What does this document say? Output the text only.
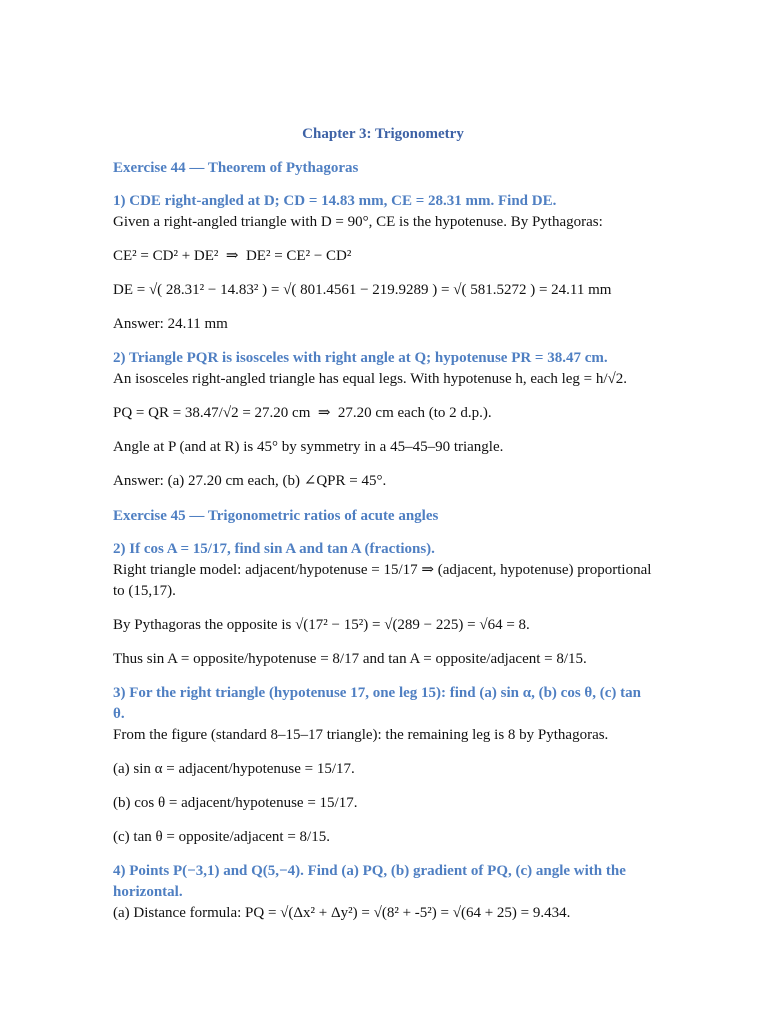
Chapter 3: Trigonometry

Exercise 44 — Theorem of Pythagoras

1) CDE right-angled at D; CD = 14.83 mm, CE = 28.31 mm. Find DE.

Given a right-angled triangle with D = 90°, CE is the hypotenuse. By Pythagoras:

CE² = CD² + DE²  ⇒  DE² = CE² − CD²

DE = √( 28.31² − 14.83² ) = √( 801.4561 − 219.9289 ) = √( 581.5272 ) = 24.11 mm

Answer: 24.11 mm

2) Triangle PQR is isosceles with right angle at Q; hypotenuse PR = 38.47 cm.

An isosceles right-angled triangle has equal legs. With hypotenuse h, each leg = h/√2.

PQ = QR = 38.47/√2 = 27.20 cm  ⇒  27.20 cm each (to 2 d.p.).

Angle at P (and at R) is 45° by symmetry in a 45–45–90 triangle.

Answer: (a) 27.20 cm each, (b) ∠QPR = 45°.

Exercise 45 — Trigonometric ratios of acute angles

2) If cos A = 15/17, find sin A and tan A (fractions).

Right triangle model: adjacent/hypotenuse = 15/17 ⇒ (adjacent, hypotenuse) proportional to (15,17).

By Pythagoras the opposite is √(17² − 15²) = √(289 − 225) = √64 = 8.

Thus sin A = opposite/hypotenuse = 8/17 and tan A = opposite/adjacent = 8/15.

3) For the right triangle (hypotenuse 17, one leg 15): find (a) sin α, (b) cos θ, (c) tan θ.

From the figure (standard 8–15–17 triangle): the remaining leg is 8 by Pythagoras.

(a) sin α = adjacent/hypotenuse = 15/17.

(b) cos θ = adjacent/hypotenuse = 15/17.

(c) tan θ = opposite/adjacent = 8/15.

4) Points P(−3,1) and Q(5,−4). Find (a) PQ, (b) gradient of PQ, (c) angle with the horizontal.

(a) Distance formula: PQ = √(Δx² + Δy²) = √(8² + -5²) = √(64 + 25) = 9.434.
